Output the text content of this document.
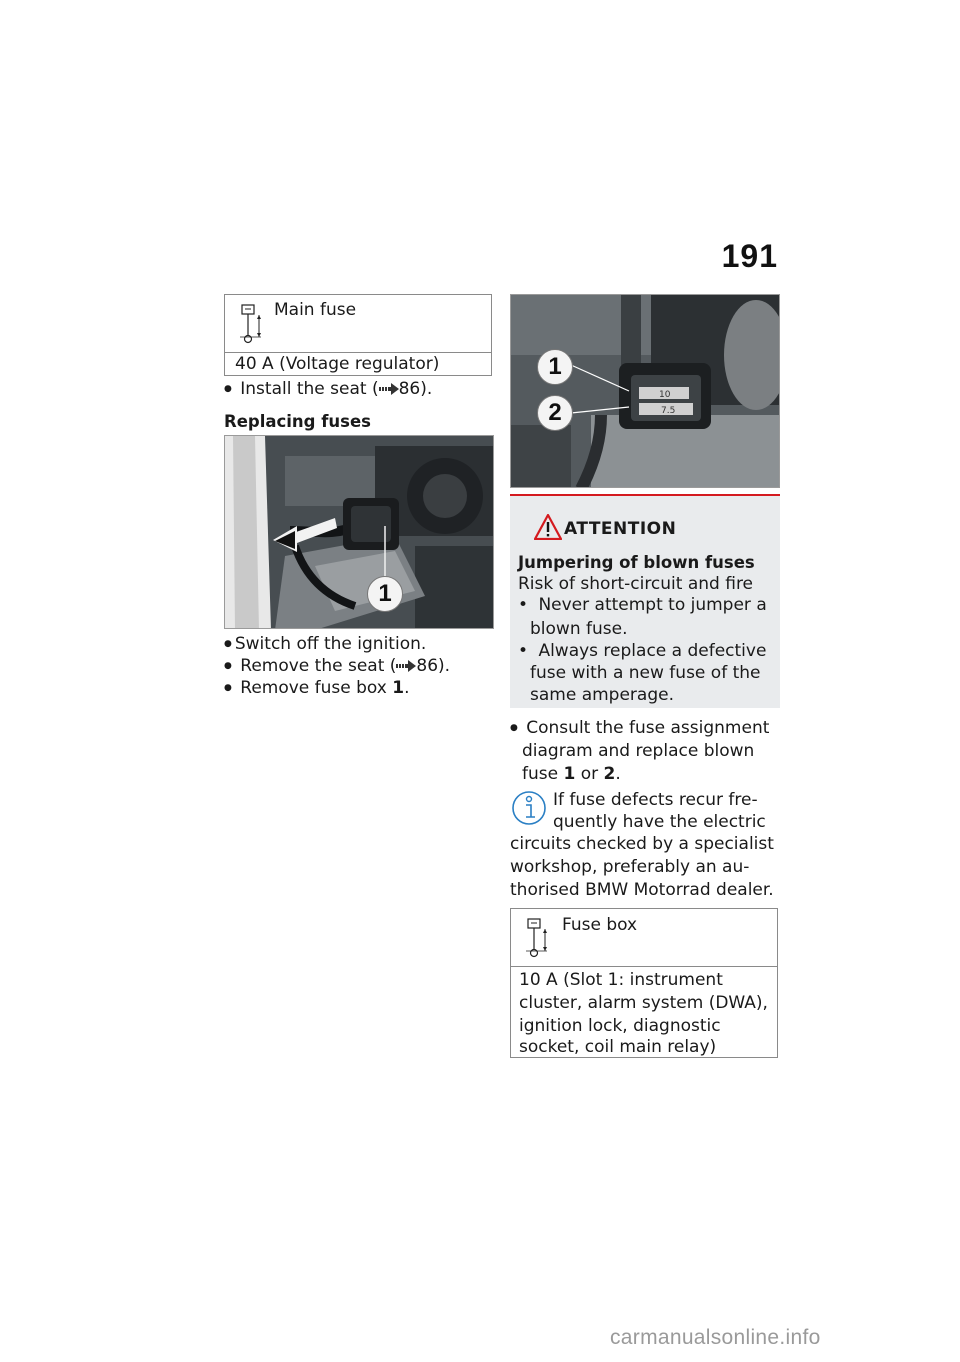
191
Main fuse
40 A (Voltage regulator)
● Install the seat ( 86).
Replacing fuses
1
● Switch off the ignition.
● Remove the seat ( 86).
● Remove fuse box 1.
10
7.5
1
2
ATTENTION
Jumpering of blown fuses
Risk of short-circuit and fire
• Never attempt to jumper a
blown fuse.
• Always replace a defective
fuse with a new fuse of the
same amperage.
● Consult the fuse assignment
diagram and replace blown
fuse 1 or 2.
If fuse defects recur fre-
quently have the electric
circuits checked by a specialist
workshop, preferably an au-
thorised BMW Motorrad dealer.
Fuse box
10 A (Slot 1: instrument
cluster, alarm system (DWA),
ignition lock, diagnostic
socket, coil main relay)
carmanualsonline.info
